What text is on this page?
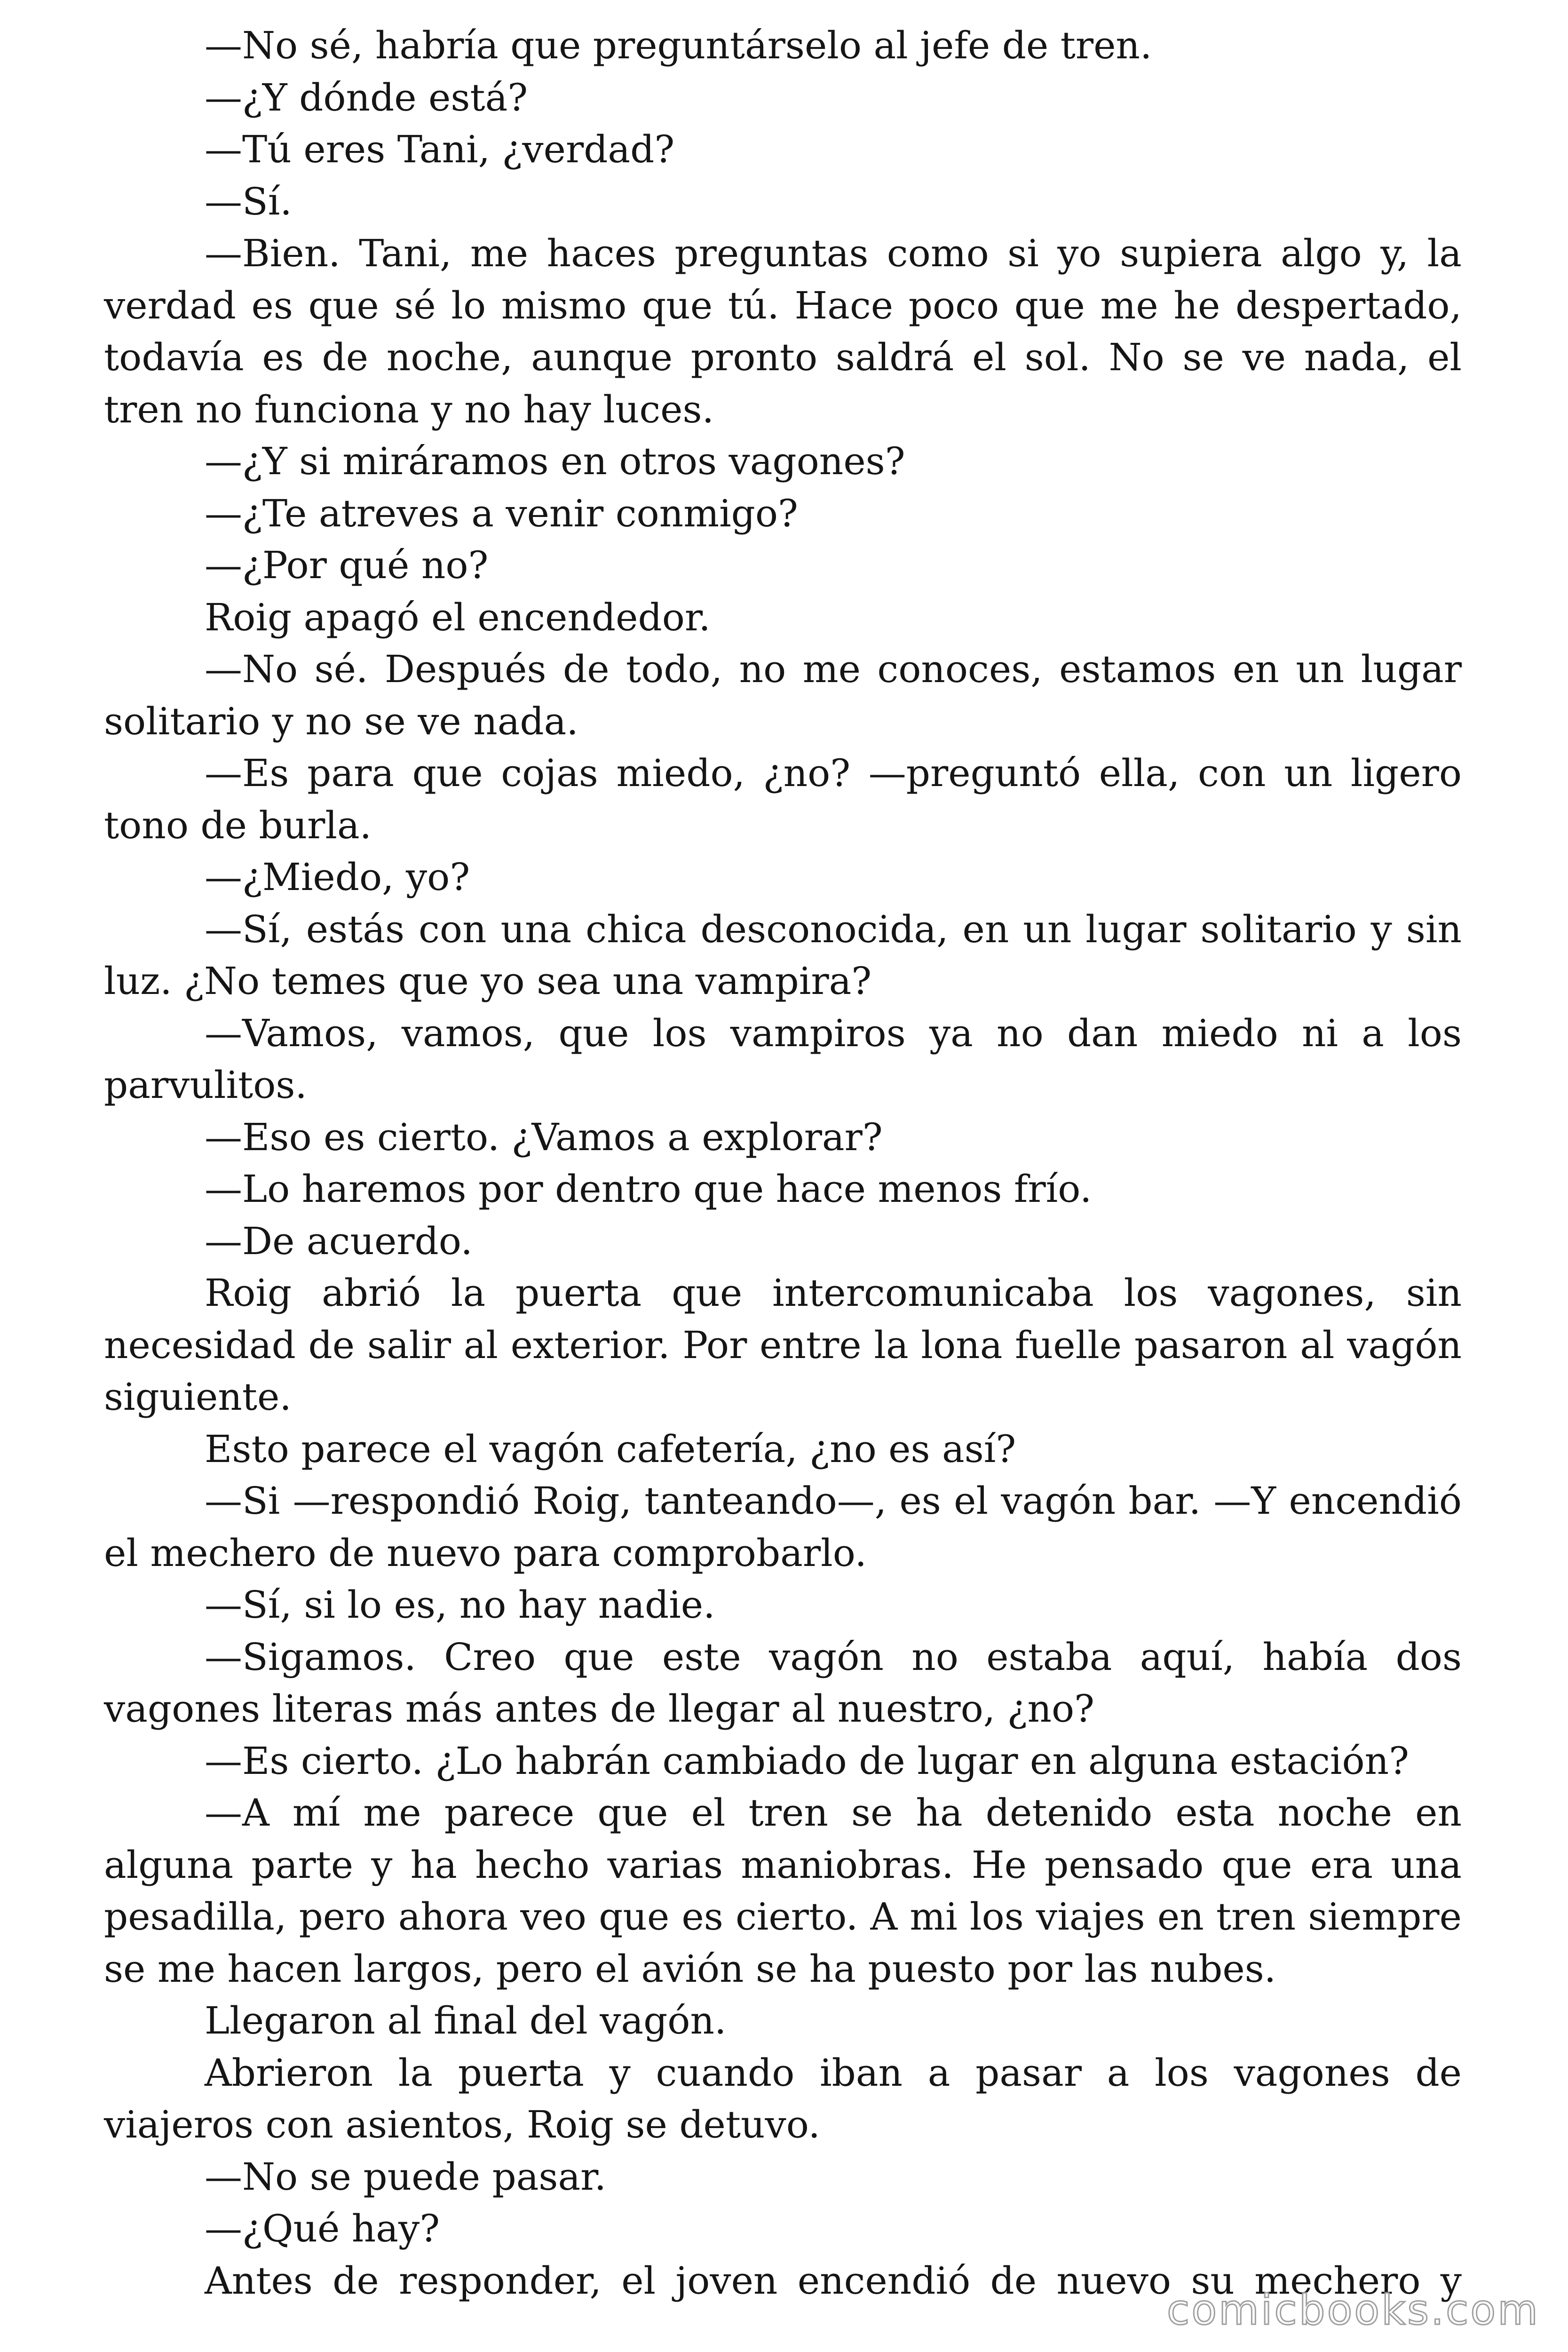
—No sé, habría que preguntárselo al jefe de tren.

—¿Y dónde está?

—Tú eres Tani, ¿verdad?

—Sí.

—Bien. Tani, me haces preguntas como si yo supiera algo y, la verdad es que sé lo mismo que tú. Hace poco que me he despertado, todavía es de noche, aunque pronto saldrá el sol. No se ve nada, el tren no funciona y no hay luces.

—¿Y si miráramos en otros vagones?

—¿Te atreves a venir conmigo?

—¿Por qué no?

Roig apagó el encendedor.

—No sé. Después de todo, no me conoces, estamos en un lugar solitario y no se ve nada.

—Es para que cojas miedo, ¿no? —preguntó ella, con un ligero tono de burla.

—¿Miedo, yo?

—Sí, estás con una chica desconocida, en un lugar solitario y sin luz. ¿No temes que yo sea una vampira?

—Vamos, vamos, que los vampiros ya no dan miedo ni a los parvulitos.

—Eso es cierto. ¿Vamos a explorar?

—Lo haremos por dentro que hace menos frío.

—De acuerdo.

Roig abrió la puerta que intercomunicaba los vagones, sin necesidad de salir al exterior. Por entre la lona fuelle pasaron al vagón siguiente.

Esto parece el vagón cafetería, ¿no es así?

—Si —respondió Roig, tanteando—, es el vagón bar. —Y encendió el mechero de nuevo para comprobarlo.

—Sí, si lo es, no hay nadie.

—Sigamos. Creo que este vagón no estaba aquí, había dos vagones literas más antes de llegar al nuestro, ¿no?

—Es cierto. ¿Lo habrán cambiado de lugar en alguna estación?

—A mí me parece que el tren se ha detenido esta noche en alguna parte y ha hecho varias maniobras. He pensado que era una pesadilla, pero ahora veo que es cierto. A mi los viajes en tren siempre se me hacen largos, pero el avión se ha puesto por las nubes.

Llegaron al final del vagón.

Abrieron la puerta y cuando iban a pasar a los vagones de viajeros con asientos, Roig se detuvo.

—No se puede pasar.

—¿Qué hay?

Antes de responder, el joven encendió de nuevo su mechero y

comicbooks.com
